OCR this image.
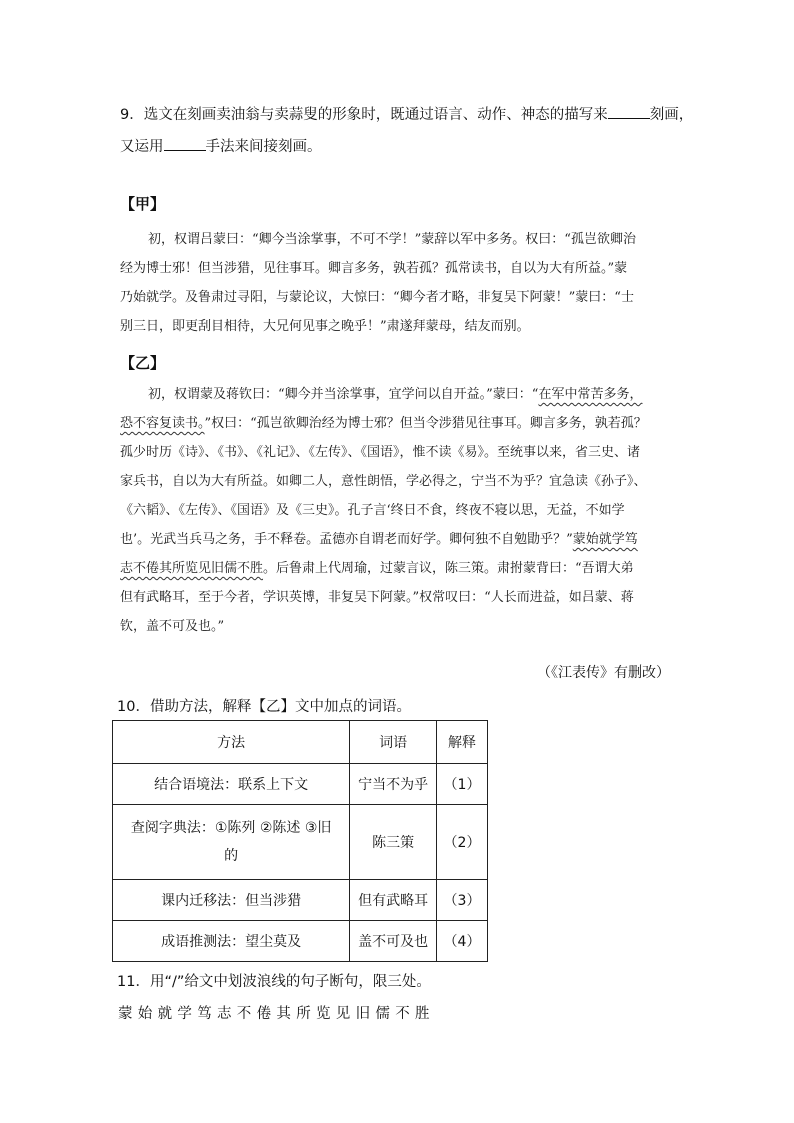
9．选文在刻画卖油翁与卖蒜叟的形象时，既通过语言、动作、神态的描写来	刻画，
又运用	手法来间接刻画。
【甲】

初，权谓吕蒙曰：“卿今当涂掌事，不可不学！”蒙辞以军中多务。权曰：“孤岂欲卿治

经为博士邪！但当涉猎，见往事耳。卿言多务，孰若孤？孤常读书，自以为大有所益。”蒙

乃始就学。及鲁肃过寻阳，与蒙论议，大惊曰：“卿今者才略，非复吴下阿蒙！”蒙曰：“士

别三日，即更刮目相待，大兄何见事之晚乎！”肃遂拜蒙母，结友而别。

【乙】

初，权谓蒙及蒋钦曰：“卿今并当涂掌事，宜学问以自开益。”蒙曰：“在军中常苦多务，

恐不容复读书。”权曰：“孤岂欲卿治经为博士邪？但当令涉猎见往事耳。卿言多务，孰若孤？

孤少时历《诗》、《书》、《礼记》、《左传》、《国语》，惟不读《易》。至统事以来，省三史、诸

家兵书，自以为大有所益。如卿二人，意性朗悟，学必得之，宁当不为乎？宜急读《孙子》、

《六韬》、《左传》、《国语》及《三史》。孔子言‘终日不食，终夜不寝以思，无益，不如学

也’。光武当兵马之务，手不释卷。孟德亦自谓老而好学。卿何独不自勉勖乎？”蒙始就学笃

志不倦其所览见旧儒不胜。后鲁肃上代周瑜，过蒙言议，陈三策。肃拊蒙背曰：“吾谓大弟

但有武略耳，至于今者，学识英博，非复吴下阿蒙。”权常叹曰：“人长而进益，如吕蒙、蒋

钦，盖不可及也。”

（《江表传》有删改）
10．借助方法，解释【乙】文中加点的词语。
方法	词语	解释
结合语境法：联系上下文	宁当不为乎	（1）

查阅字典法：①陈列 ②陈述 ③旧
的	陈三策	（2）
课内迁移法：但当涉猎	但有武略耳	（3）
成语推测法：望尘莫及	盖不可及也	（4）
11．用“/”给文中划波浪线的句子断句，限三处。
蒙始就学笃志不倦其所览见旧儒不胜
